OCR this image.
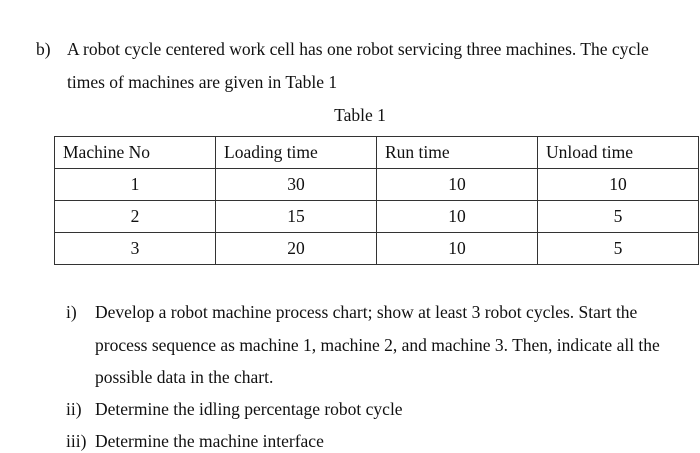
b) A robot cycle centered work cell has one robot servicing three machines. The cycle
times of machines are given in Table 1
Table 1
Machine No	Loading time	Run time	Unload time
1	30	10	10
2	15	10	5
3	20	10	5
i) Develop a robot machine process chart; show at least 3 robot cycles. Start the
process sequence as machine 1, machine 2, and machine 3. Then, indicate all the
possible data in the chart.
ii) Determine the idling percentage robot cycle
iii) Determine the machine interface
